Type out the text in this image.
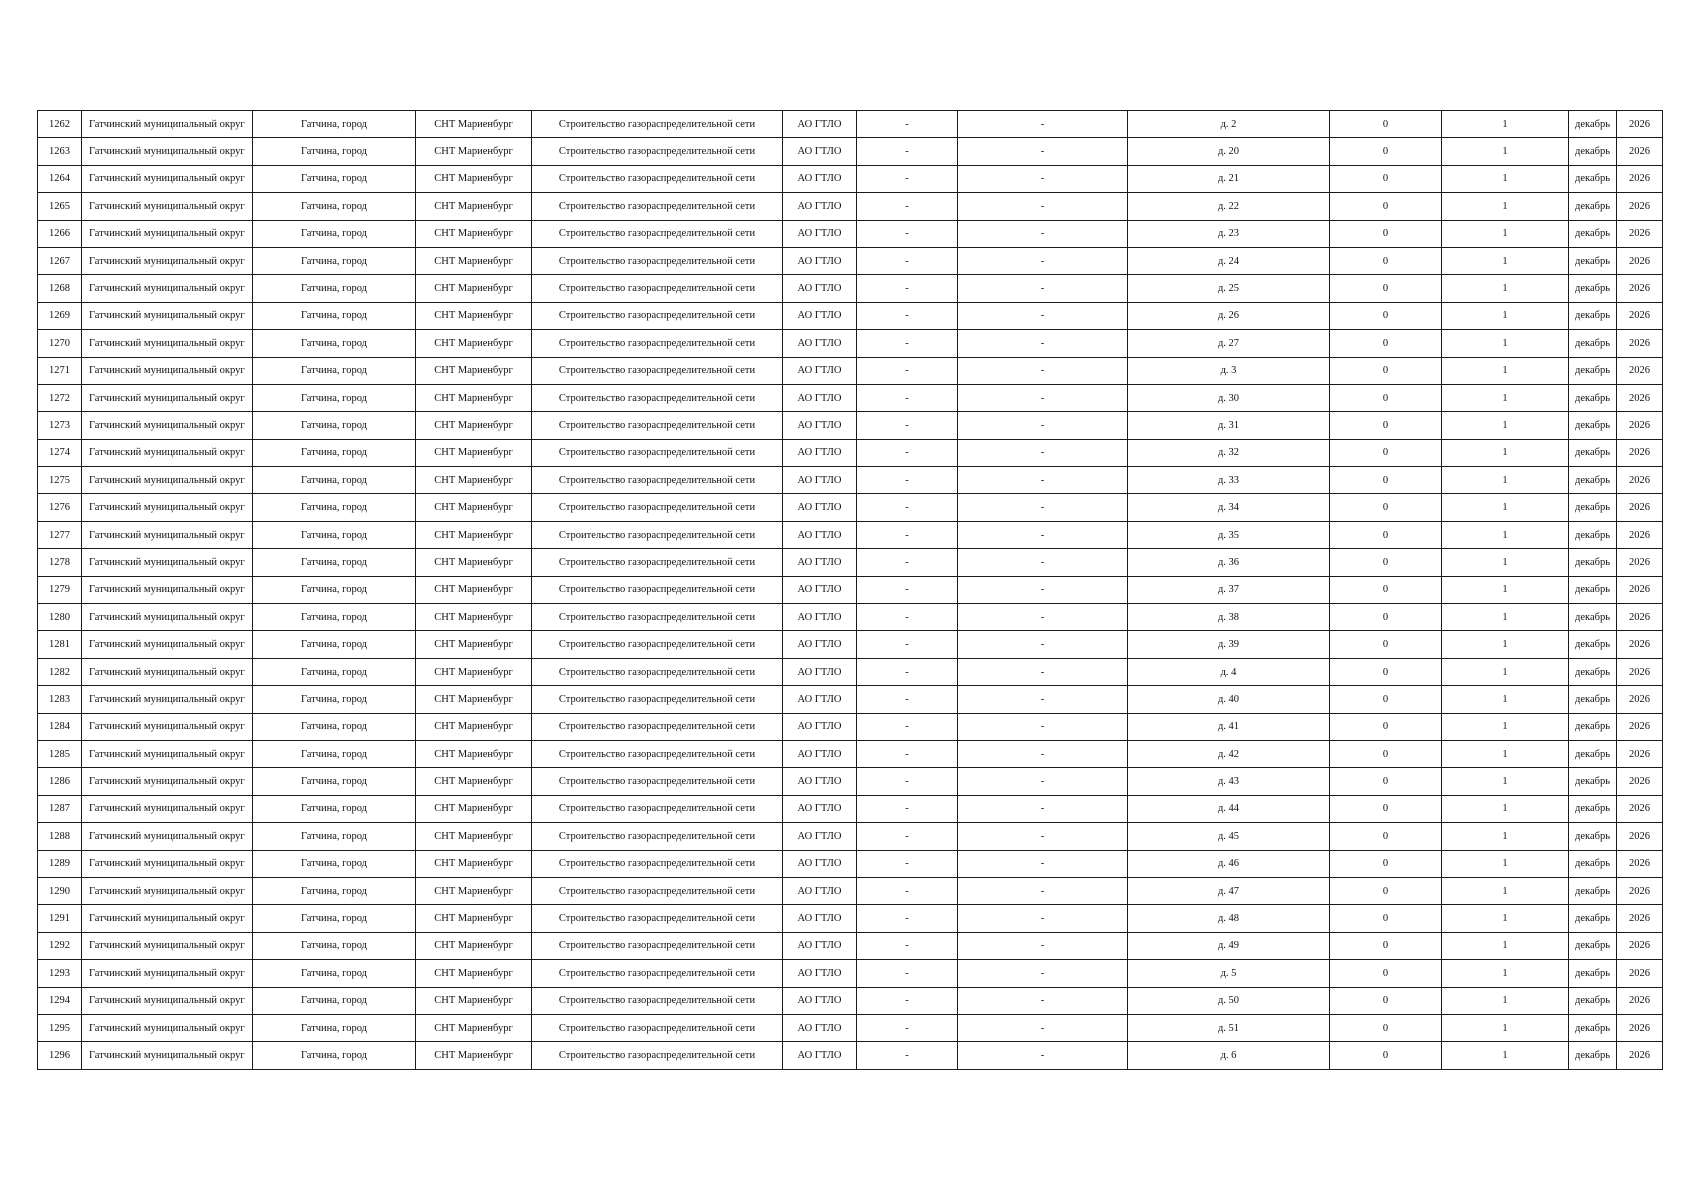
1262	Гатчинский муниципальный округ	Гатчина, город	СНТ Мариенбург	Строительство газораспределительной сети	АО ГТЛО	-	-	д. 2	0	1	декабрь	2026
1263	Гатчинский муниципальный округ	Гатчина, город	СНТ Мариенбург	Строительство газораспределительной сети	АО ГТЛО	-	-	д. 20	0	1	декабрь	2026
1264	Гатчинский муниципальный округ	Гатчина, город	СНТ Мариенбург	Строительство газораспределительной сети	АО ГТЛО	-	-	д. 21	0	1	декабрь	2026
1265	Гатчинский муниципальный округ	Гатчина, город	СНТ Мариенбург	Строительство газораспределительной сети	АО ГТЛО	-	-	д. 22	0	1	декабрь	2026
1266	Гатчинский муниципальный округ	Гатчина, город	СНТ Мариенбург	Строительство газораспределительной сети	АО ГТЛО	-	-	д. 23	0	1	декабрь	2026
1267	Гатчинский муниципальный округ	Гатчина, город	СНТ Мариенбург	Строительство газораспределительной сети	АО ГТЛО	-	-	д. 24	0	1	декабрь	2026
1268	Гатчинский муниципальный округ	Гатчина, город	СНТ Мариенбург	Строительство газораспределительной сети	АО ГТЛО	-	-	д. 25	0	1	декабрь	2026
1269	Гатчинский муниципальный округ	Гатчина, город	СНТ Мариенбург	Строительство газораспределительной сети	АО ГТЛО	-	-	д. 26	0	1	декабрь	2026
1270	Гатчинский муниципальный округ	Гатчина, город	СНТ Мариенбург	Строительство газораспределительной сети	АО ГТЛО	-	-	д. 27	0	1	декабрь	2026
1271	Гатчинский муниципальный округ	Гатчина, город	СНТ Мариенбург	Строительство газораспределительной сети	АО ГТЛО	-	-	д. 3	0	1	декабрь	2026
1272	Гатчинский муниципальный округ	Гатчина, город	СНТ Мариенбург	Строительство газораспределительной сети	АО ГТЛО	-	-	д. 30	0	1	декабрь	2026
1273	Гатчинский муниципальный округ	Гатчина, город	СНТ Мариенбург	Строительство газораспределительной сети	АО ГТЛО	-	-	д. 31	0	1	декабрь	2026
1274	Гатчинский муниципальный округ	Гатчина, город	СНТ Мариенбург	Строительство газораспределительной сети	АО ГТЛО	-	-	д. 32	0	1	декабрь	2026
1275	Гатчинский муниципальный округ	Гатчина, город	СНТ Мариенбург	Строительство газораспределительной сети	АО ГТЛО	-	-	д. 33	0	1	декабрь	2026
1276	Гатчинский муниципальный округ	Гатчина, город	СНТ Мариенбург	Строительство газораспределительной сети	АО ГТЛО	-	-	д. 34	0	1	декабрь	2026
1277	Гатчинский муниципальный округ	Гатчина, город	СНТ Мариенбург	Строительство газораспределительной сети	АО ГТЛО	-	-	д. 35	0	1	декабрь	2026
1278	Гатчинский муниципальный округ	Гатчина, город	СНТ Мариенбург	Строительство газораспределительной сети	АО ГТЛО	-	-	д. 36	0	1	декабрь	2026
1279	Гатчинский муниципальный округ	Гатчина, город	СНТ Мариенбург	Строительство газораспределительной сети	АО ГТЛО	-	-	д. 37	0	1	декабрь	2026
1280	Гатчинский муниципальный округ	Гатчина, город	СНТ Мариенбург	Строительство газораспределительной сети	АО ГТЛО	-	-	д. 38	0	1	декабрь	2026
1281	Гатчинский муниципальный округ	Гатчина, город	СНТ Мариенбург	Строительство газораспределительной сети	АО ГТЛО	-	-	д. 39	0	1	декабрь	2026
1282	Гатчинский муниципальный округ	Гатчина, город	СНТ Мариенбург	Строительство газораспределительной сети	АО ГТЛО	-	-	д. 4	0	1	декабрь	2026
1283	Гатчинский муниципальный округ	Гатчина, город	СНТ Мариенбург	Строительство газораспределительной сети	АО ГТЛО	-	-	д. 40	0	1	декабрь	2026
1284	Гатчинский муниципальный округ	Гатчина, город	СНТ Мариенбург	Строительство газораспределительной сети	АО ГТЛО	-	-	д. 41	0	1	декабрь	2026
1285	Гатчинский муниципальный округ	Гатчина, город	СНТ Мариенбург	Строительство газораспределительной сети	АО ГТЛО	-	-	д. 42	0	1	декабрь	2026
1286	Гатчинский муниципальный округ	Гатчина, город	СНТ Мариенбург	Строительство газораспределительной сети	АО ГТЛО	-	-	д. 43	0	1	декабрь	2026
1287	Гатчинский муниципальный округ	Гатчина, город	СНТ Мариенбург	Строительство газораспределительной сети	АО ГТЛО	-	-	д. 44	0	1	декабрь	2026
1288	Гатчинский муниципальный округ	Гатчина, город	СНТ Мариенбург	Строительство газораспределительной сети	АО ГТЛО	-	-	д. 45	0	1	декабрь	2026
1289	Гатчинский муниципальный округ	Гатчина, город	СНТ Мариенбург	Строительство газораспределительной сети	АО ГТЛО	-	-	д. 46	0	1	декабрь	2026
1290	Гатчинский муниципальный округ	Гатчина, город	СНТ Мариенбург	Строительство газораспределительной сети	АО ГТЛО	-	-	д. 47	0	1	декабрь	2026
1291	Гатчинский муниципальный округ	Гатчина, город	СНТ Мариенбург	Строительство газораспределительной сети	АО ГТЛО	-	-	д. 48	0	1	декабрь	2026
1292	Гатчинский муниципальный округ	Гатчина, город	СНТ Мариенбург	Строительство газораспределительной сети	АО ГТЛО	-	-	д. 49	0	1	декабрь	2026
1293	Гатчинский муниципальный округ	Гатчина, город	СНТ Мариенбург	Строительство газораспределительной сети	АО ГТЛО	-	-	д. 5	0	1	декабрь	2026
1294	Гатчинский муниципальный округ	Гатчина, город	СНТ Мариенбург	Строительство газораспределительной сети	АО ГТЛО	-	-	д. 50	0	1	декабрь	2026
1295	Гатчинский муниципальный округ	Гатчина, город	СНТ Мариенбург	Строительство газораспределительной сети	АО ГТЛО	-	-	д. 51	0	1	декабрь	2026
1296	Гатчинский муниципальный округ	Гатчина, город	СНТ Мариенбург	Строительство газораспределительной сети	АО ГТЛО	-	-	д. 6	0	1	декабрь	2026
